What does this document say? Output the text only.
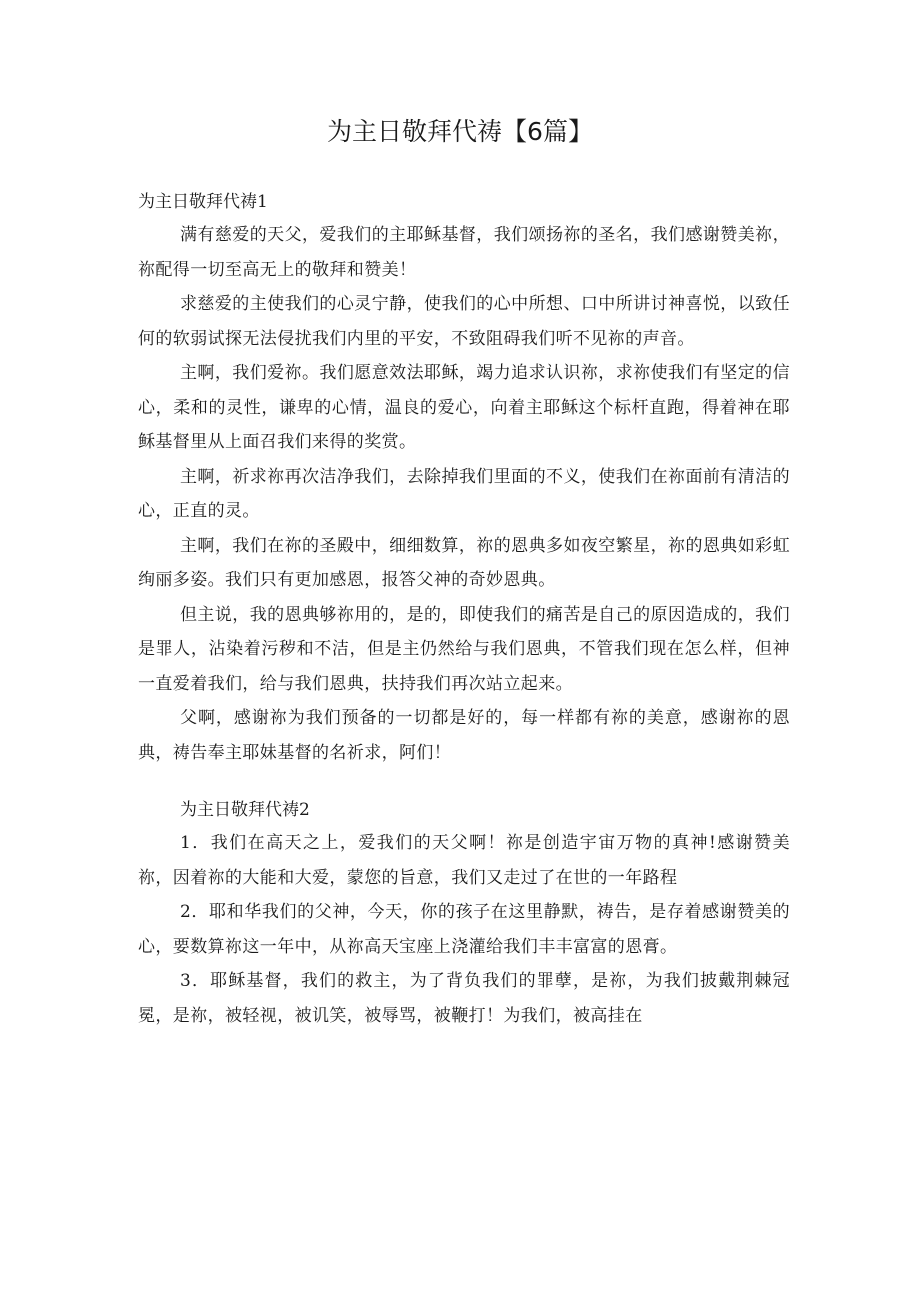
为主日敬拜代祷【6篇】

为主日敬拜代祷1

满有慈爱的天父，爱我们的主耶稣基督，我们颂扬祢的圣名，我们感谢赞美祢，祢配得一切至高无上的敬拜和赞美！

求慈爱的主使我们的心灵宁静，使我们的心中所想、口中所讲讨神喜悦，以致任何的软弱试探无法侵扰我们内里的平安，不致阻碍我们听不见祢的声音。

主啊，我们爱祢。我们愿意效法耶稣，竭力追求认识祢，求祢使我们有坚定的信心，柔和的灵性，谦卑的心情，温良的爱心，向着主耶稣这个标杆直跑，得着神在耶稣基督里从上面召我们来得的奖赏。

主啊，祈求祢再次洁净我们，去除掉我们里面的不义，使我们在祢面前有清洁的心，正直的灵。

主啊，我们在祢的圣殿中，细细数算，祢的恩典多如夜空繁星，祢的恩典如彩虹绚丽多姿。我们只有更加感恩，报答父神的奇妙恩典。

但主说，我的恩典够祢用的，是的，即使我们的痛苦是自己的原因造成的，我们是罪人，沾染着污秽和不洁，但是主仍然给与我们恩典，不管我们现在怎么样，但神一直爱着我们，给与我们恩典，扶持我们再次站立起来。

父啊，感谢祢为我们预备的一切都是好的，每一样都有祢的美意，感谢祢的恩典，祷告奉主耶妹基督的名祈求，阿们！

为主日敬拜代祷2

1．我们在高天之上，爱我们的天父啊！祢是创造宇宙万物的真神!感谢赞美祢，因着祢的大能和大爱，蒙您的旨意，我们又走过了在世的一年路程

2．耶和华我们的父神，今天，你的孩子在这里静默，祷告，是存着感谢赞美的心，要数算祢这一年中，从祢高天宝座上浇灌给我们丰丰富富的恩膏。

3．耶稣基督，我们的救主，为了背负我们的罪孽，是祢，为我们披戴荆棘冠冕，是祢，被轻视，被讥笑，被辱骂，被鞭打！为我们，被高挂在
